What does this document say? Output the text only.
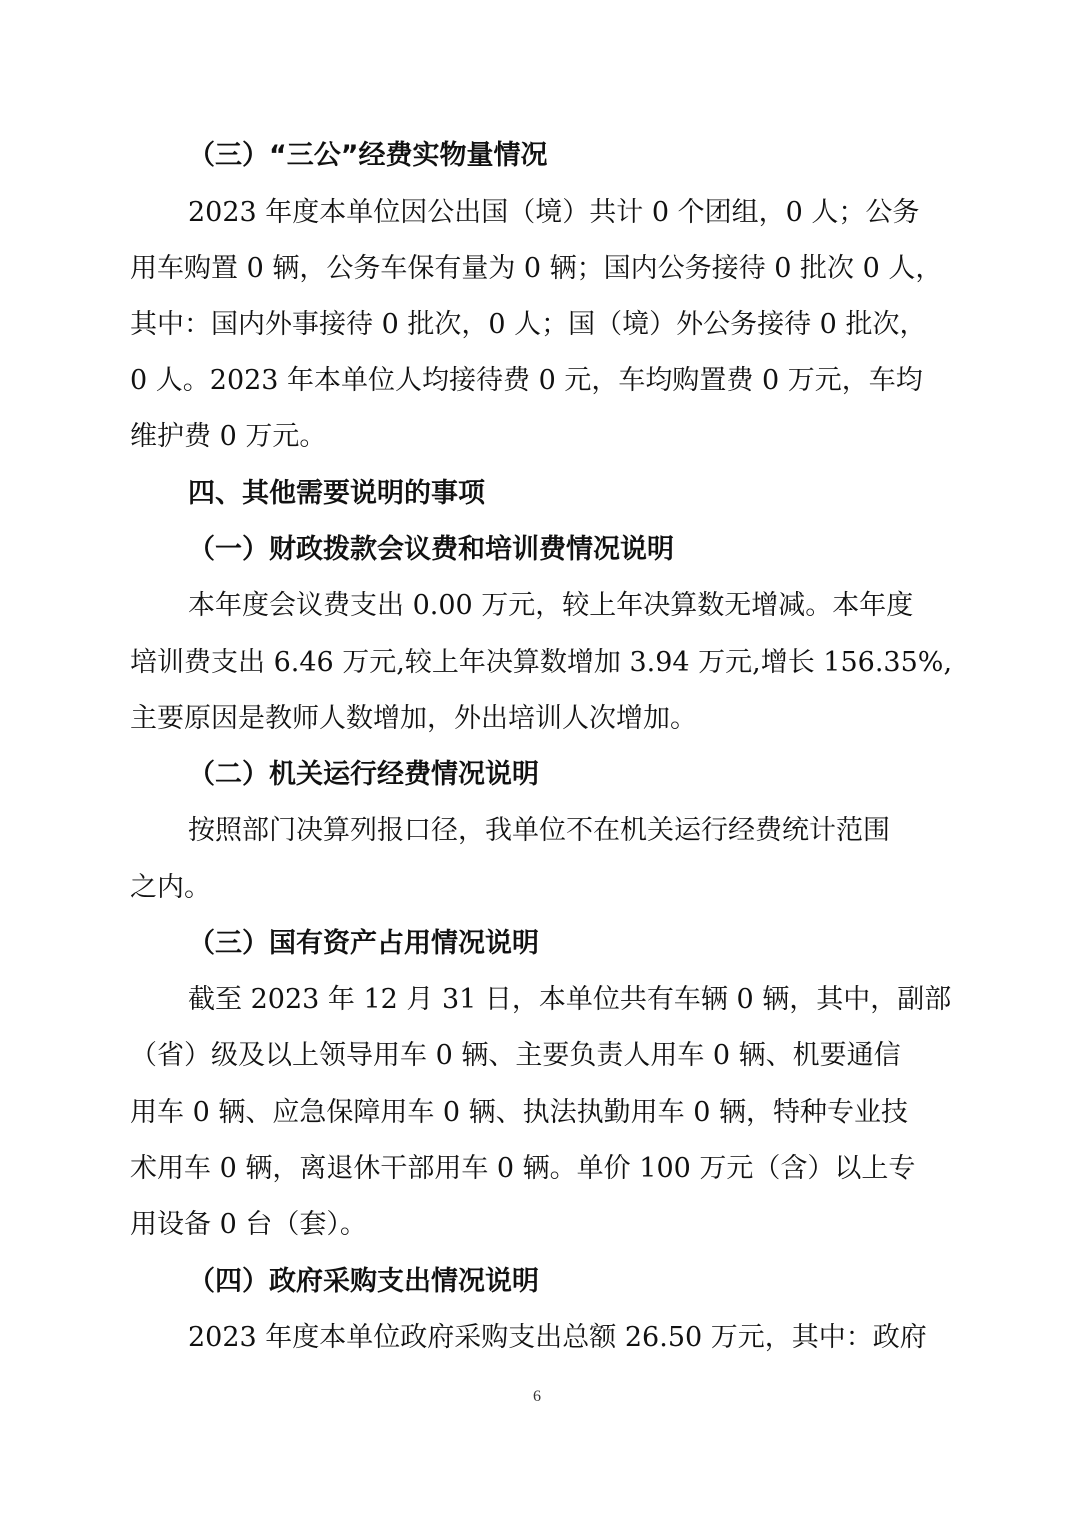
（三）“三公”经费实物量情况
2023 年度本单位因公出国（境）共计 0 个团组，0 人；公务
用车购置 0 辆，公务车保有量为 0 辆；国内公务接待 0 批次 0 人，
其中：国内外事接待 0 批次，0 人；国（境）外公务接待 0 批次，
0 人。2023 年本单位人均接待费 0 元，车均购置费 0 万元，车均
维护费 0 万元。
四、其他需要说明的事项
（一）财政拨款会议费和培训费情况说明
本年度会议费支出 0.00 万元，较上年决算数无增减。本年度
培训费支出 6.46 万元,较上年决算数增加 3.94 万元,增长 156.35%,
主要原因是教师人数增加，外出培训人次增加。
（二）机关运行经费情况说明
按照部门决算列报口径，我单位不在机关运行经费统计范围
之内。
（三）国有资产占用情况说明
截至 2023 年 12 月 31 日，本单位共有车辆 0 辆，其中，副部
（省）级及以上领导用车 0 辆、主要负责人用车 0 辆、机要通信
用车 0 辆、应急保障用车 0 辆、执法执勤用车 0 辆，特种专业技
术用车 0 辆，离退休干部用车 0 辆。单价 100 万元（含）以上专
用设备 0 台（套）。
（四）政府采购支出情况说明
2023 年度本单位政府采购支出总额 26.50 万元，其中：政府
6
